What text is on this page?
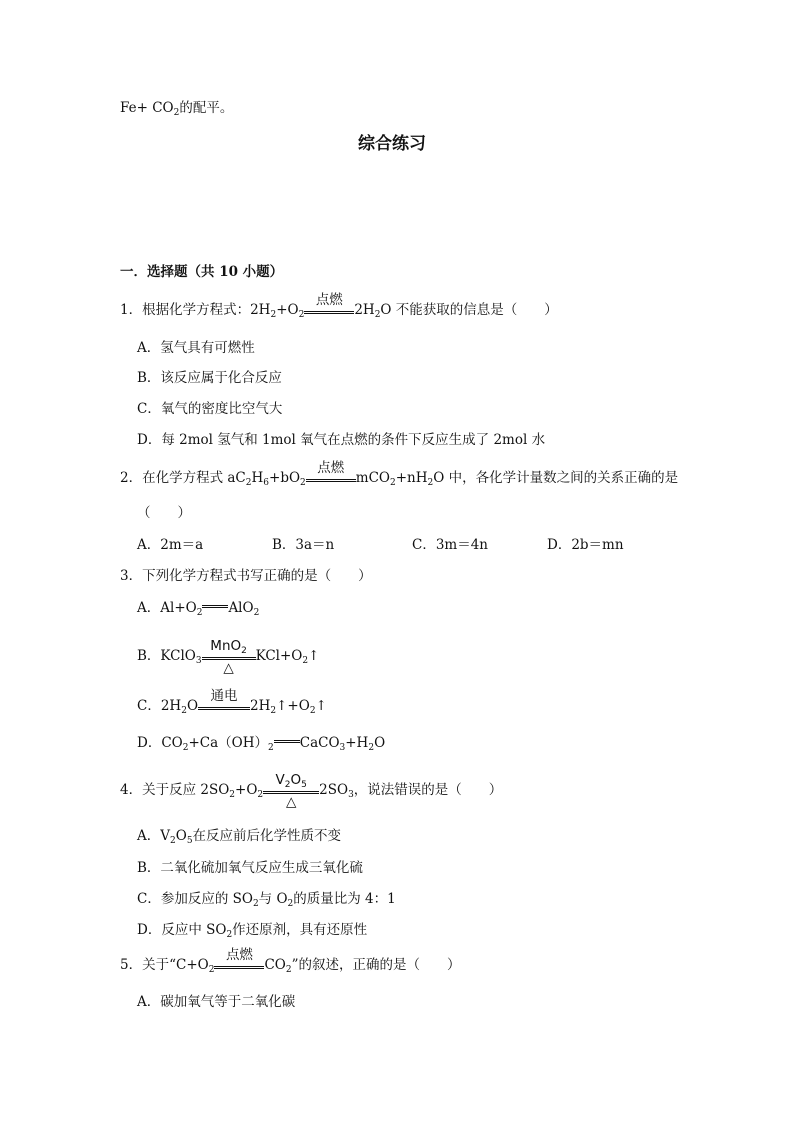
$Fe+ CO_2$的配平。
综合练习
一．选择题（共 10 小题）
1．根据化学方程式：$2H_2+O_2$
点燃
$2H_2O$ 不能获取的信息是（　　）
A．氢气具有可燃性
B．该反应属于化合反应
C．氧气的密度比空气大
D．每 2mol 氢气和 1mol 氧气在点燃的条件下反应生成了 2mol 水
2．在化学方程式 $aC_2H_6+bO_2$
点燃
$mCO_2+nH_2O$ 中，各化学计量数之间的关系正确的是
（　　）
A．2m＝a	B．3a＝n	C．3m＝4n	D．2b＝mn
3．下列化学方程式书写正确的是（　　）
A．$Al+O_2$ AlO$_2$
B．KClO$_3$
MnO$_2$
△
$KCl+O_2↑$
C．$2H_2O$
通电
$2H_2↑+O_2↑$
D．$CO_2+Ca(OH)_2$ $CaCO_3+H_2O$
4．关于反应 $2SO_2+O_2$
$V_2O_5$
△
$2SO_3$，说法错误的是（　　）
A．$V_2O_5$在反应前后化学性质不变
B．二氧化硫加氧气反应生成三氧化硫
C．参加反应的 $SO_2$与 $O_2$的质量比为 4：1
D．反应中 $SO_2$作还原剂，具有还原性
5．关于“$C+O_2$
点燃
$CO_2$”的叙述，正确的是（　　）
A．碳加氧气等于二氧化碳
